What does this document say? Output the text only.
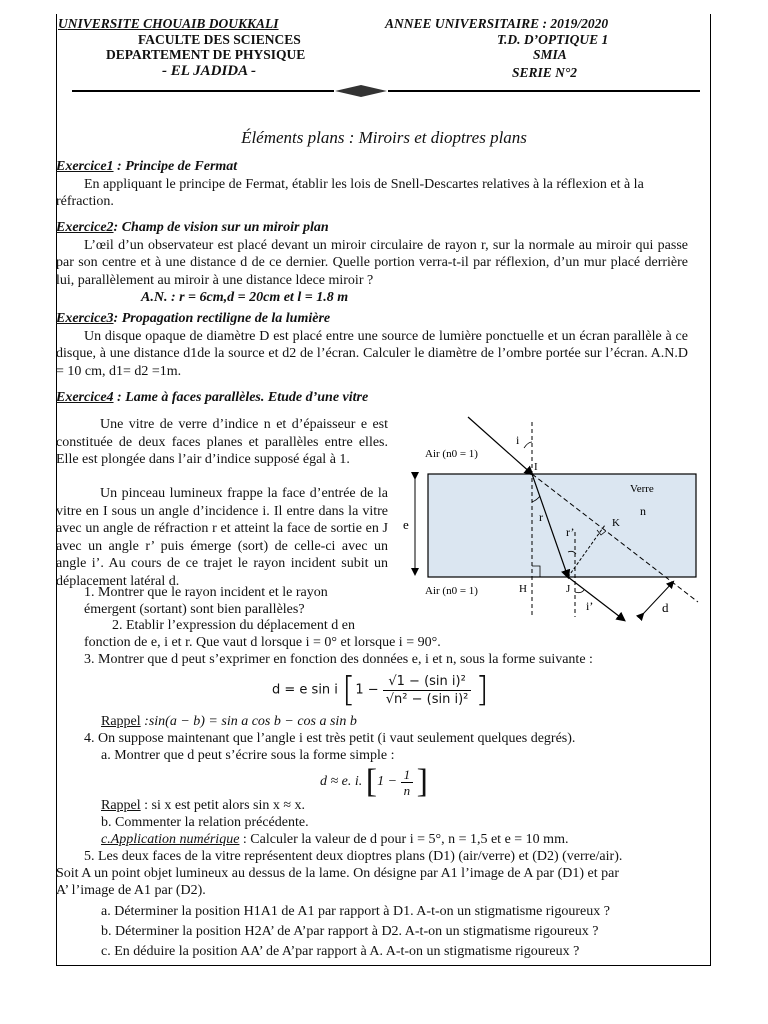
UNIVERSITE CHOUAIB DOUKKALI
FACULTE DES SCIENCES
DEPARTEMENT DE PHYSIQUE
- EL JADIDA -
ANNEE UNIVERSITAIRE : 2019/2020
T.D. D’OPTIQUE 1
SMIA
SERIE N°2
Éléments plans : Miroirs et dioptres plans
Exercice1 : Principe de Fermat
En appliquant le principe de Fermat, établir les lois de Snell-Descartes relatives à la réflexion et à la réfraction.
Exercice2: Champ de vision sur un miroir plan
L’œil d’un observateur est placé devant un miroir circulaire de rayon r, sur la normale au miroir qui passe par son centre et à une distance d de ce dernier. Quelle portion verra-t-il par réflexion, d’un mur placé derrière lui, parallèlement au miroir à une distance ldece miroir ?
A.N. : r = 6cm,d = 20cm et l = 1.8 m
Exercice3: Propagation rectiligne de la lumière
Un disque opaque de diamètre D est placé entre une source de lumière ponctuelle et un écran parallèle à ce disque, à une distance d1de la source et d2 de l’écran. Calculer le diamètre de l’ombre portée sur l’écran. A.N.D = 10 cm, d1= d2 =1m.
Exercice4 : Lame à faces parallèles. Etude d’une vitre
Une vitre de verre d’indice n et d’épaisseur e est constituée de deux faces planes et parallèles entre elles. Elle est plongée dans l’air d’indice supposé égal à 1.
Un pinceau lumineux frappe la face d’entrée de la vitre en I sous un angle d’incidence i. Il entre dans la vitre avec un angle de réfraction r et atteint la face de sortie en J avec un angle r’ puis émerge (sort) de celle-ci avec un angle i’. Au cours de ce trajet le rayon incident subit un déplacement latéral d.
1. Montrer que le rayon incident et le rayon
émergent (sortant) sont bien parallèles?
2. Etablir l’expression du déplacement d en
fonction de e, i et r. Que vaut d lorsque i = 0° et lorsque i = 90°.
3. Montrer que d peut s’exprimer en fonction des données e, i et n, sous la forme suivante :
d = e sin i [$1 - \frac{\text{√1 − (sin i)²}}{\text{√n² − (sin i)²}}$ ]
Rappel :sin(a − b) = sin a cos b − cos a sin b
4. On suppose maintenant que l’angle i est très petit (i vaut seulement quelques degrés).
a. Montrer que d peut s’écrire sous la forme simple :
d ≈ e. i. [$1 - \frac{1}{n}$ ]
Rappel : si x est petit alors sin x ≈ x.
b. Commenter la relation précédente.
c.Application numérique : Calculer la valeur de d pour i = 5°, n = 1,5 et e = 10 mm.
5. Les deux faces de la vitre représentent deux dioptres plans (D1) (air/verre) et (D2) (verre/air).
Soit A un point objet lumineux au dessus de la lame. On désigne par A1 l’image de A par (D1) et par
A’ l’image de A1 par (D2).
a. Déterminer la position H1A1 de A1 par rapport à D1. A-t-on un stigmatisme rigoureux ?
b. Déterminer la position H2A’ de A’par rapport à D2. A-t-on un stigmatisme rigoureux ?
c. En déduire la position AA’ de A’par rapport à A. A-t-on un stigmatisme rigoureux ?
Air (n0 = 1)
Air (n0 = 1)
Verre
n
e
i
I
r
r’
K
H	J
i’	d
